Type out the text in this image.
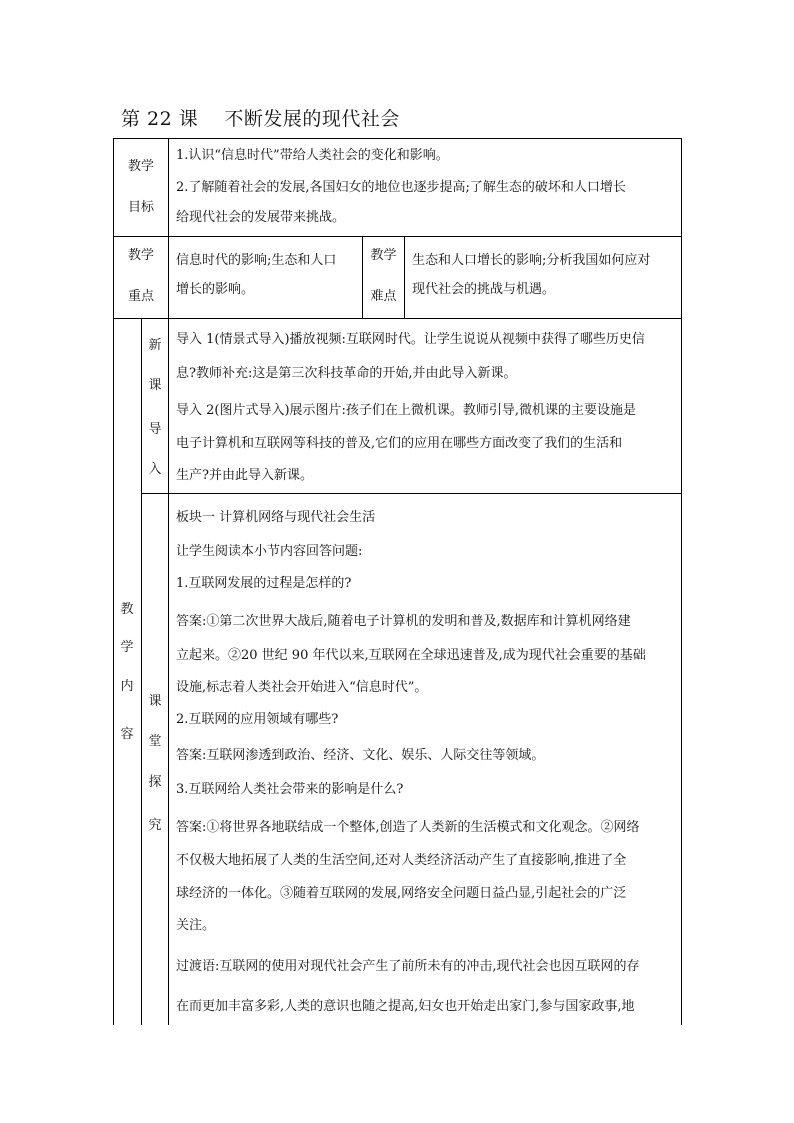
第 22 课    不断发展的现代社会
教学
目标
1.认识“信息时代”带给人类社会的变化和影响。
2.了解随着社会的发展,各国妇女的地位也逐步提高;了解生态的破坏和人口增长
给现代社会的发展带来挑战。
教学
重点
信息时代的影响;生态和人口
增长的影响。
教学
难点
生态和人口增长的影响;分析我国如何应对
现代社会的挑战与机遇。
教
学
内
容
新
课
导
入
课
堂
探
究
导入 1(情景式导入)播放视频:互联网时代。让学生说说从视频中获得了哪些历史信
息?教师补充:这是第三次科技革命的开始,并由此导入新课。
导入 2(图片式导入)展示图片:孩子们在上微机课。教师引导,微机课的主要设施是
电子计算机和互联网等科技的普及,它们的应用在哪些方面改变了我们的生活和
生产?并由此导入新课。
板块一 计算机网络与现代社会生活
让学生阅读本小节内容回答问题:
1.互联网发展的过程是怎样的?
答案:①第二次世界大战后,随着电子计算机的发明和普及,数据库和计算机网络建
立起来。②20 世纪 90 年代以来,互联网在全球迅速普及,成为现代社会重要的基础
设施,标志着人类社会开始进入“信息时代”。
2.互联网的应用领域有哪些?
答案:互联网渗透到政治、经济、文化、娱乐、人际交往等领域。
3.互联网给人类社会带来的影响是什么?
答案:①将世界各地联结成一个整体,创造了人类新的生活模式和文化观念。②网络
不仅极大地拓展了人类的生活空间,还对人类经济活动产生了直接影响,推进了全
球经济的一体化。③随着互联网的发展,网络安全问题日益凸显,引起社会的广泛
关注。
过渡语:互联网的使用对现代社会产生了前所未有的冲击,现代社会也因互联网的存
在而更加丰富多彩,人类的意识也随之提高,妇女也开始走出家门,参与国家政事,地
